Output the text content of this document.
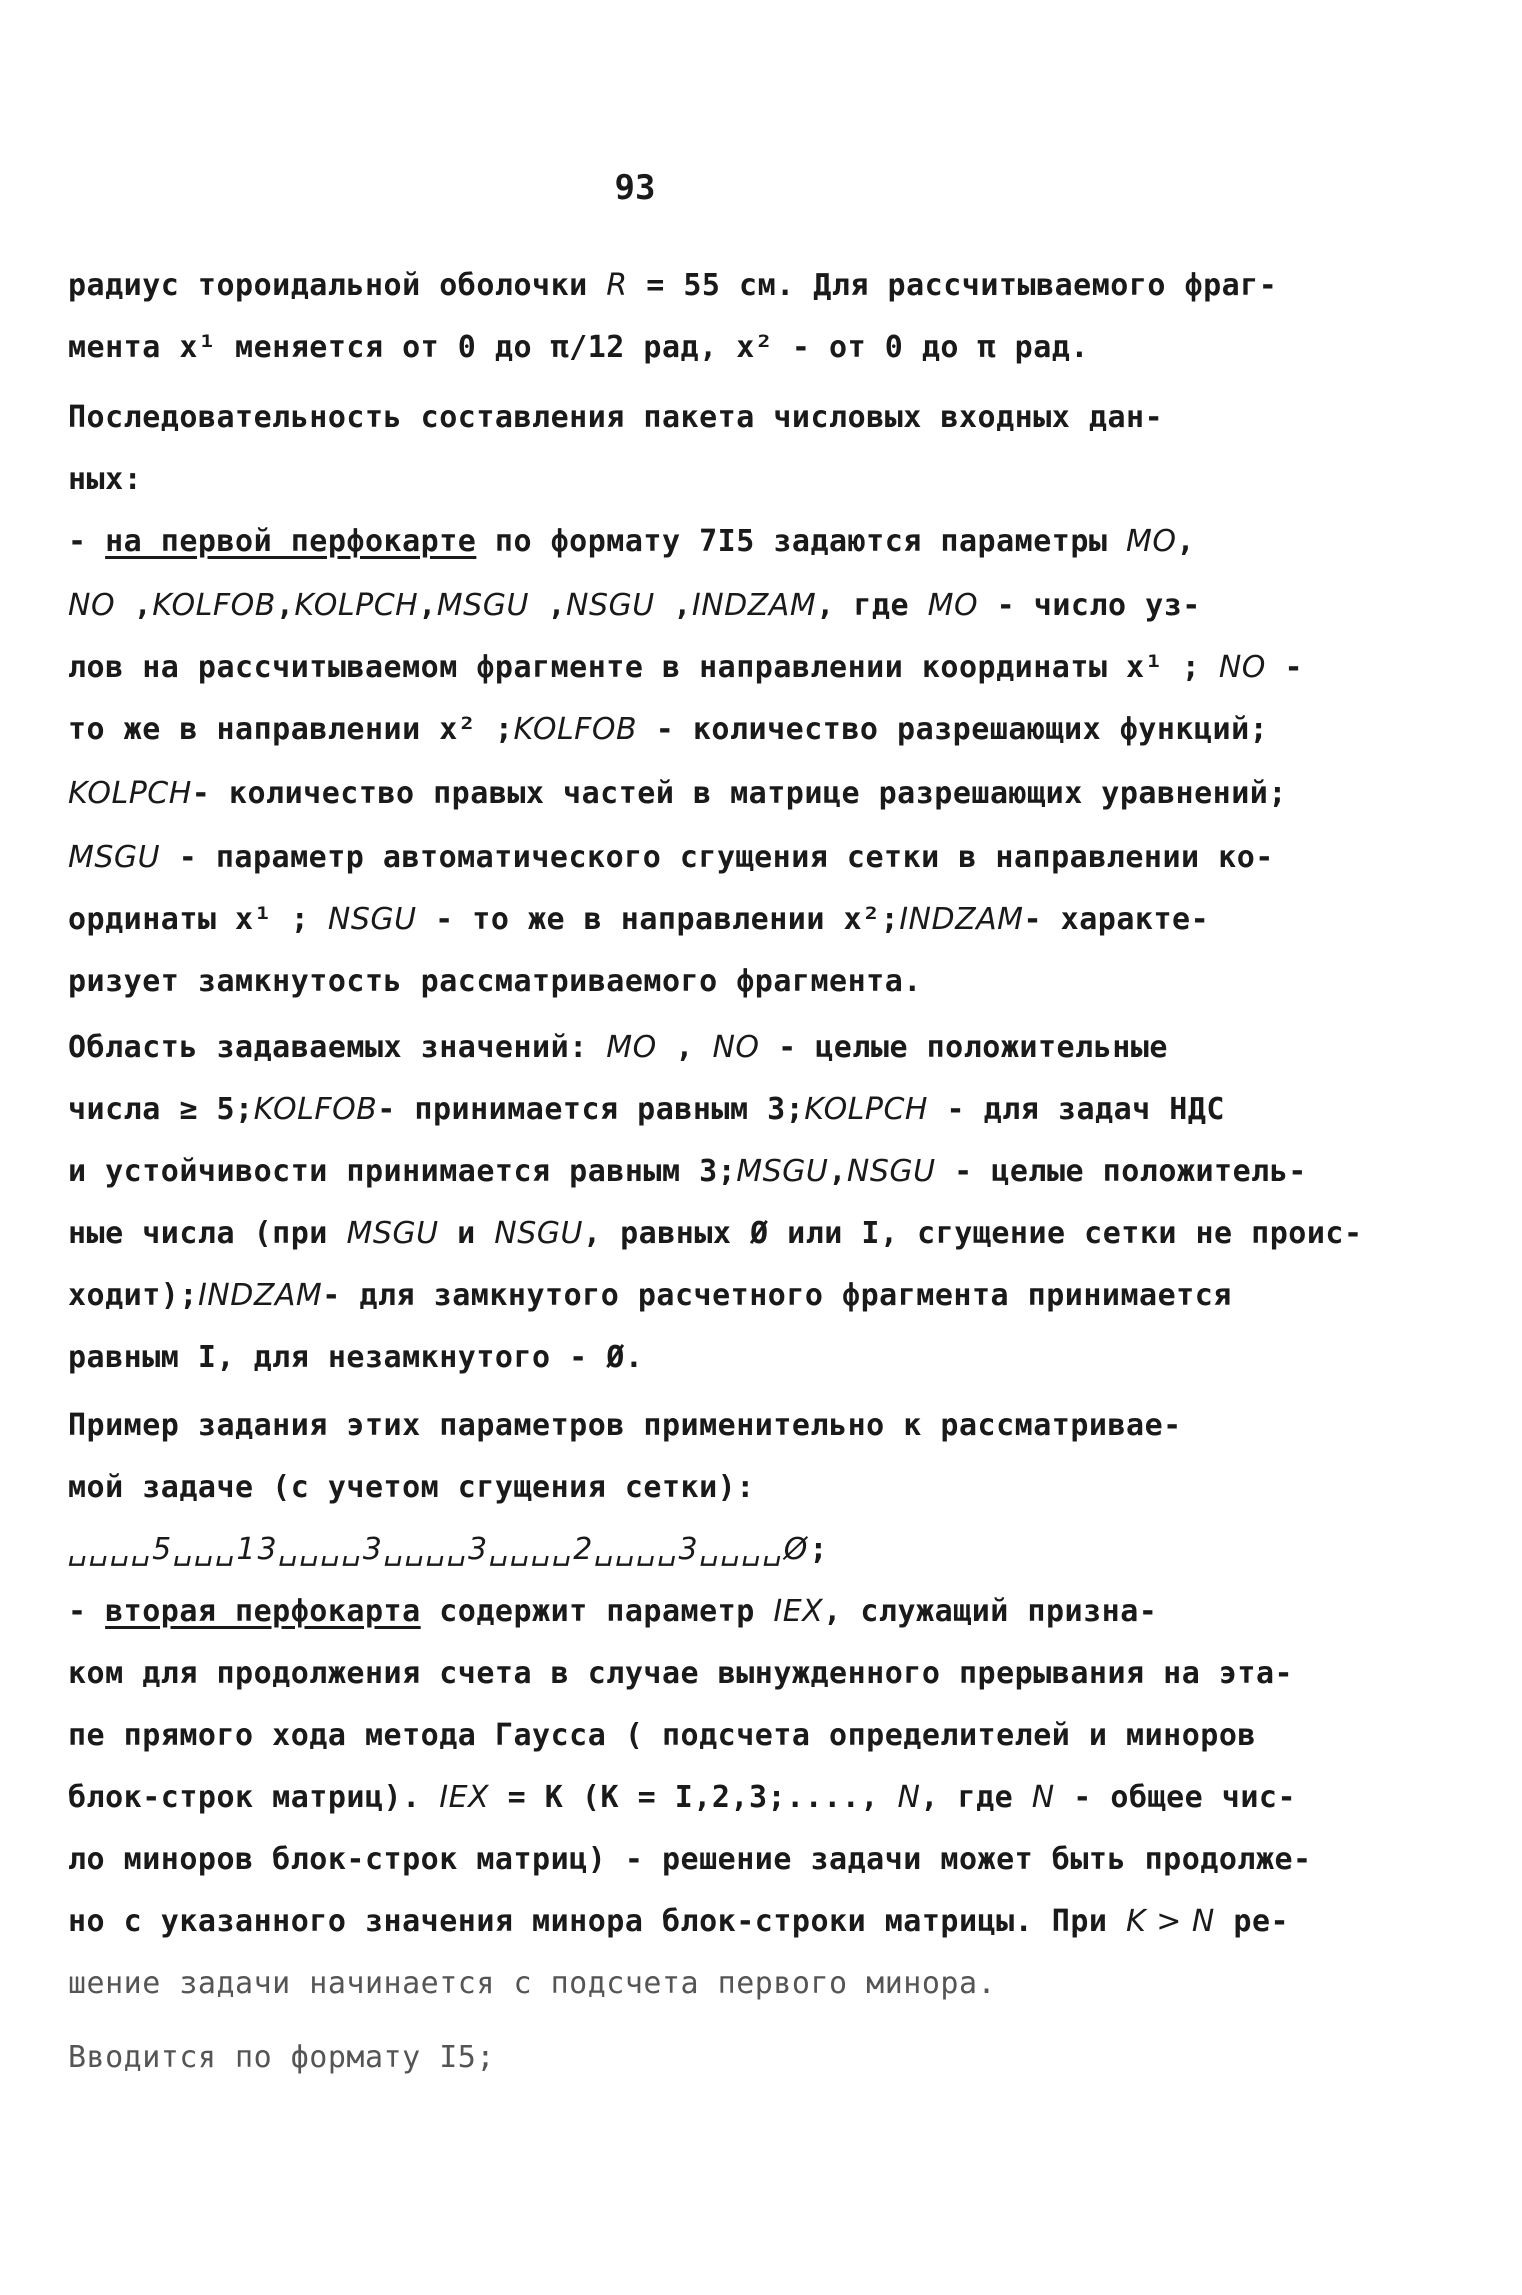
93
радиус тороидальной оболочки R = 55 см. Для рассчитываемого фраг-
мента x¹ меняется от 0 до π/12 рад, x² - от 0 до π рад.
Последовательность составления пакета числовых входных дан-
ных:
- на первой перфокарте по формату 7I5 задаются параметры MO,
NO ,KOLFOB,KOLPCH,MSGU ,NSGU ,INDZAM, где MO - число уз-
лов на рассчитываемом фрагменте в направлении координаты x¹ ; NO -
то же в направлении x² ;KOLFOB - количество разрешающих функций;
KOLPCH- количество правых частей в матрице разрешающих уравнений;
MSGU - параметр автоматического сгущения сетки в направлении ко-
ординаты x¹ ; NSGU - то же в направлении x²;INDZAM- характе-
ризует замкнутость рассматриваемого фрагмента.
Область задаваемых значений: MO , NO - целые положительные
числа ≥ 5;KOLFOB- принимается равным 3;KOLPCH - для задач НДС
и устойчивости принимается равным 3;MSGU,NSGU - целые положитель-
ные числа (при MSGU и NSGU, равных Ø или I, сгущение сетки не проис-
ходит);INDZAM- для замкнутого расчетного фрагмента принимается
равным I, для незамкнутого - Ø.
Пример задания этих параметров применительно к рассматривае-
мой задаче (с учетом сгущения сетки):
␣␣␣␣5␣␣␣13␣␣␣␣3␣␣␣␣3␣␣␣␣2␣␣␣␣3␣␣␣␣Ø;
- вторая перфокарта содержит параметр IEX, служащий призна-
ком для продолжения счета в случае вынужденного прерывания на эта-
пе прямого хода метода Гаусса ( подсчета определителей и миноров
блок-строк матриц). IEX = К (К = I,2,3;...., N, где N - общее чис-
ло миноров блок-строк матриц) - решение задачи может быть продолже-
но с указанного значения минора блок-строки матрицы. При K > N ре-
шение задачи начинается с подсчета первого минора.
Вводится по формату I5;
